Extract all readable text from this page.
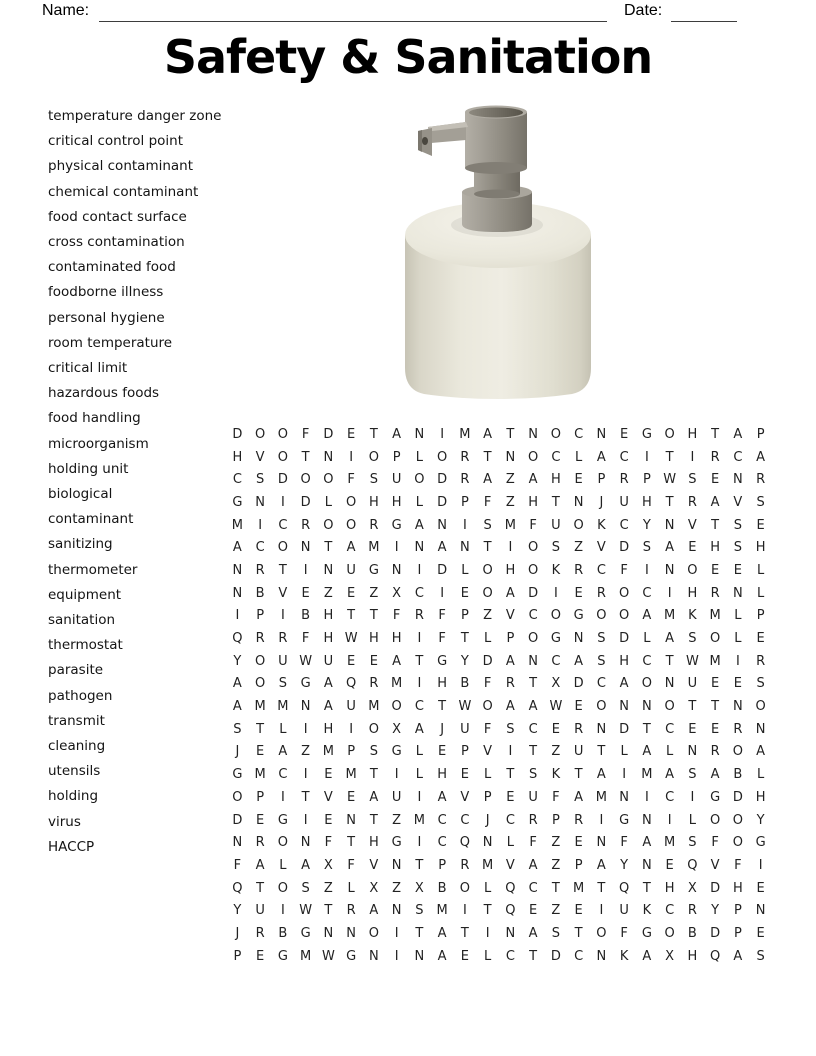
Name:	Date:
Safety & Sanitation
temperature danger zone
critical control point
physical contaminant
chemical contaminant
food contact surface
cross contamination
contaminated food
foodborne illness
personal hygiene
room temperature
critical limit
hazardous foods
food handling
microorganism
holding unit
biological
contaminant
sanitizing
thermometer
equipment
sanitation
thermostat
parasite
pathogen
transmit
cleaning
utensils
holding
virus
HACCP
D O O	F	D	E	T	A	N	I	M A	T	N O	C	N	E	G O H	T	A	P
H	V	O	T	N	I	O	P	L	O	R	T	N O	C	L	A	C	I	T	I	R	C	A
C	S	D O O	F	S	U O D	R	A	Z	A	H	E	P	R	P W S	E	N	R
G N	I	D	L	O H H	L	D	P	F	Z	H	T	N	J	U	H	T	R	A	V	S
M	I	C	R	O O	R	G	A	N	I	S	M	F	U O	K	C	Y	N	V	T	S	E
A	C	O N	T	A M	I	N	A	N	T	I	O	S	Z	V	D	S	A	E	H	S	H
N	R	T	I	N	U G N	I	D	L	O H O	K	R	C	F	I	N O	E	E	L
N	B	V	E	Z	E	Z	X	C	I	E	O	A	D	I	E	R	O	C	I	H	R	N	L
I	P	I	B	H	T	T	F	R	F	P	Z	V	C	O G O O	A M K M	L	P
Q	R	R	F	H W H H	I	F	T	L	P	O G N	S	D	L	A	S	O	L	E
Y	O U W U	E	E	A	T	G	Y	D	A	N	C	A	S	H	C	T W M	I	R
A	O	S	G	A	Q	R M	I	H	B	F	R	T	X	D	C	A	O N	U	E	E	S
A M M N	A	U M O	C	T W O	A	A W E	O N	N O	T	T	N O
S	T	L	I	H	I	O	X	A	J	U	F	S	C	E	R	N D	T	C	E	E	R	N
J	E	A	Z M	P	S	G	L	E	P	V	I	T	Z	U	T	L	A	L	N	R	O	A
G M C	I	E	M	T	I	L	H	E	L	T	S	K	T	A	I	M A	S	A	B	L
O	P	I	T	V	E	A	U	I	A	V	P	E	U	F	A M N	I	C	I	G D H
D	E	G	I	E	N	T	Z M C	C	J	C	R	P	R	I	G N	I	L	O O	Y
N	R	O N	F	T	H G	I	C	Q N	L	F	Z	E	N	F	A M	S	F	O G
F	A	L	A	X	F	V	N	T	P	R M V	A	Z	P	A	Y	N	E	Q	V	F	I
Q	T	O	S	Z	L	X	Z	X	B	O	L	Q	C	T	M	T	Q	T	H	X	D H	E
Y	U	I	W T	R	A	N	S	M	I	T	Q	E	Z	E	I	U	K	C	R	Y	P	N
J	R	B	G N	N O	I	T	A	T	I	N	A	S	T	O	F	G O	B	D	P	E
P	E	G M W G N	I	N	A	E	L	C	T	D	C	N	K	A	X	H Q	A	S
